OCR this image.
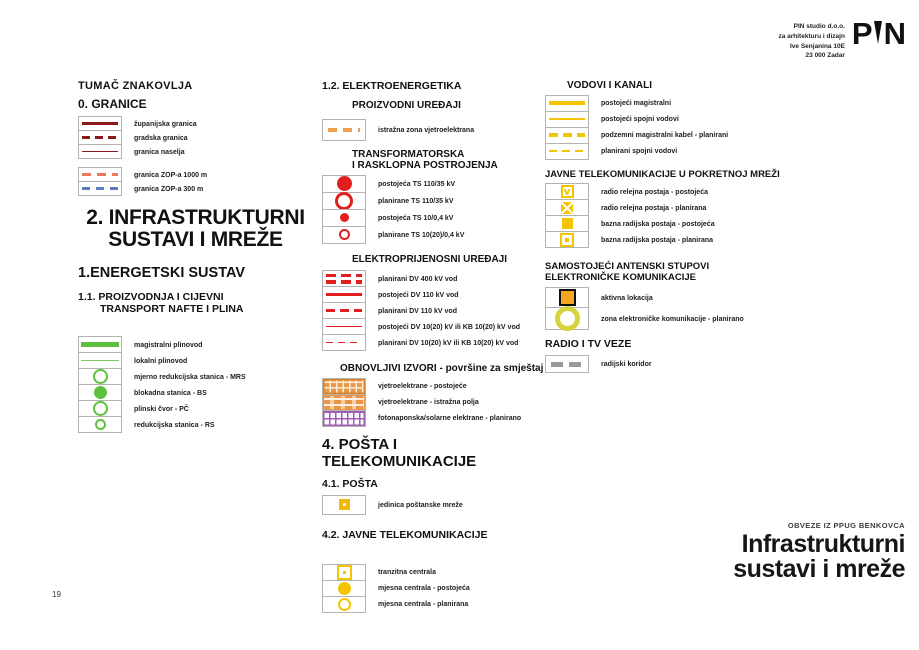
PIN studio d.o.o.
za arhitekturu i dizajn
Ive Senjanina 10E
23 000 Zadar
P N
TUMAČ ZNAKOVLJA
0. GRANICE
županijska granica
gradska granica
granica naselja
granica ZOP-a 1000 m
granica ZOP-a 300 m
2. INFRASTRUKTURNI
SUSTAVI I MREŽE
1.ENERGETSKI SUSTAV
1.1. PROIZVODNJA I CIJEVNI
TRANSPORT NAFTE I PLINA
magistralni plinovod
lokalni plinovod
mjerno redukcijska stanica - MRS
blokadna stanica - BS
plinski čvor - PČ
redukcijska stanica - RS
1.2. ELEKTROENERGETIKA
PROIZVODNI UREĐAJI
istražna zona vjetroelektrana
TRANSFORMATORSKA
I RASKLOPNA POSTROJENJA
postojeća TS 110/35 kV
planirane TS 110/35 kV
postojeća TS 10/0,4 kV
planirane TS 10(20)/0,4 kV
ELEKTROPRIJENOSNI UREĐAJI
planirani DV 400 kV vod
postojeći DV 110 kV vod
planirani DV 110 kV vod
postojeći DV 10(20) kV ili KB 10(20) kV vod
planirani DV 10(20) kV ili KB 10(20) kV vod
OBNOVLJIVI IZVORI - površine za smještaj
vjetroelektrane - postojeće
vjetroelektrane - istražna polja
fotonaponska/solarne elektrane - planirano
4. POŠTA I TELEKOMUNIKACIJE
4.1. POŠTA
jedinica poštanske mreže
4.2. JAVNE TELEKOMUNIKACIJE
tranzitna centrala
mjesna centrala - postojeća
mjesna centrala - planirana
VODOVI I KANALI
postojeći magistralni
postojeći spojni vodovi
podzemni magistralni kabel - planirani
planirani spojni vodovi
JAVNE TELEKOMUNIKACIJE U POKRETNOJ MREŽI
radio relejna postaja - postojeća
radio relejna postaja - planirana
bazna radijska postaja - postojeća
bazna radijska postaja - planirana
SAMOSTOJEĆI ANTENSKI STUPOVI
ELEKTRONIČKE KOMUNIKACIJE
aktivna lokacija
zona elektroničke komunikacije - planirano
RADIO I TV VEZE
radijski koridor
OBVEZE IZ PPUG BENKOVCA
Infrastrukturni
sustavi i mreže
19
